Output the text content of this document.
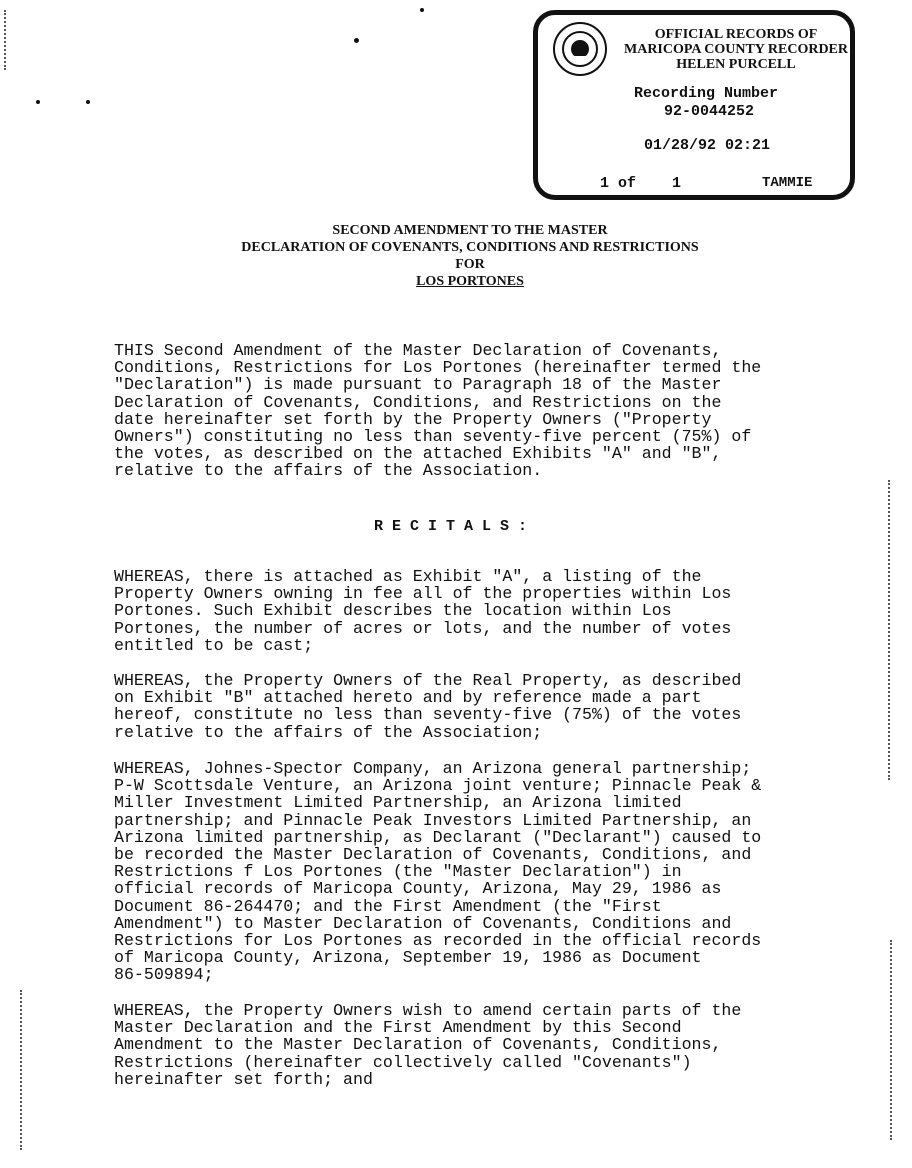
OFFICIAL RECORDS OF
MARICOPA COUNTY RECORDER
HELEN PURCELL
Recording Number
92-0044252
01/28/92 02:21
1 of    1	TAMMIE
SECOND AMENDMENT TO THE MASTER
DECLARATION OF COVENANTS, CONDITIONS AND RESTRICTIONS
FOR
LOS PORTONES
THIS Second Amendment of the Master Declaration of Covenants,
Conditions, Restrictions for Los Portones (hereinafter termed the
"Declaration") is made pursuant to Paragraph 18 of the Master
Declaration of Covenants, Conditions, and Restrictions on the
date hereinafter set forth by the Property Owners ("Property
Owners") constituting no less than seventy-five percent (75%) of
the votes, as described on the attached Exhibits "A" and "B",
relative to the affairs of the Association.
RECITALS:
WHEREAS, there is attached as Exhibit "A", a listing of the
Property Owners owning in fee all of the properties within Los
Portones. Such Exhibit describes the location within Los
Portones, the number of acres or lots, and the number of votes
entitled to be cast;
WHEREAS, the Property Owners of the Real Property, as described
on Exhibit "B" attached hereto and by reference made a part
hereof, constitute no less than seventy-five (75%) of the votes
relative to the affairs of the Association;
WHEREAS, Johnes-Spector Company, an Arizona general partnership;
P-W Scottsdale Venture, an Arizona joint venture; Pinnacle Peak &
Miller Investment Limited Partnership, an Arizona limited
partnership; and Pinnacle Peak Investors Limited Partnership, an
Arizona limited partnership, as Declarant ("Declarant") caused to
be recorded the Master Declaration of Covenants, Conditions, and
Restrictions f Los Portones (the "Master Declaration") in
official records of Maricopa County, Arizona, May 29, 1986 as
Document 86-264470; and the First Amendment (the "First
Amendment") to Master Declaration of Covenants, Conditions and
Restrictions for Los Portones as recorded in the official records
of Maricopa County, Arizona, September 19, 1986 as Document
86-509894;
WHEREAS, the Property Owners wish to amend certain parts of the
Master Declaration and the First Amendment by this Second
Amendment to the Master Declaration of Covenants, Conditions,
Restrictions (hereinafter collectively called "Covenants")
hereinafter set forth; and
